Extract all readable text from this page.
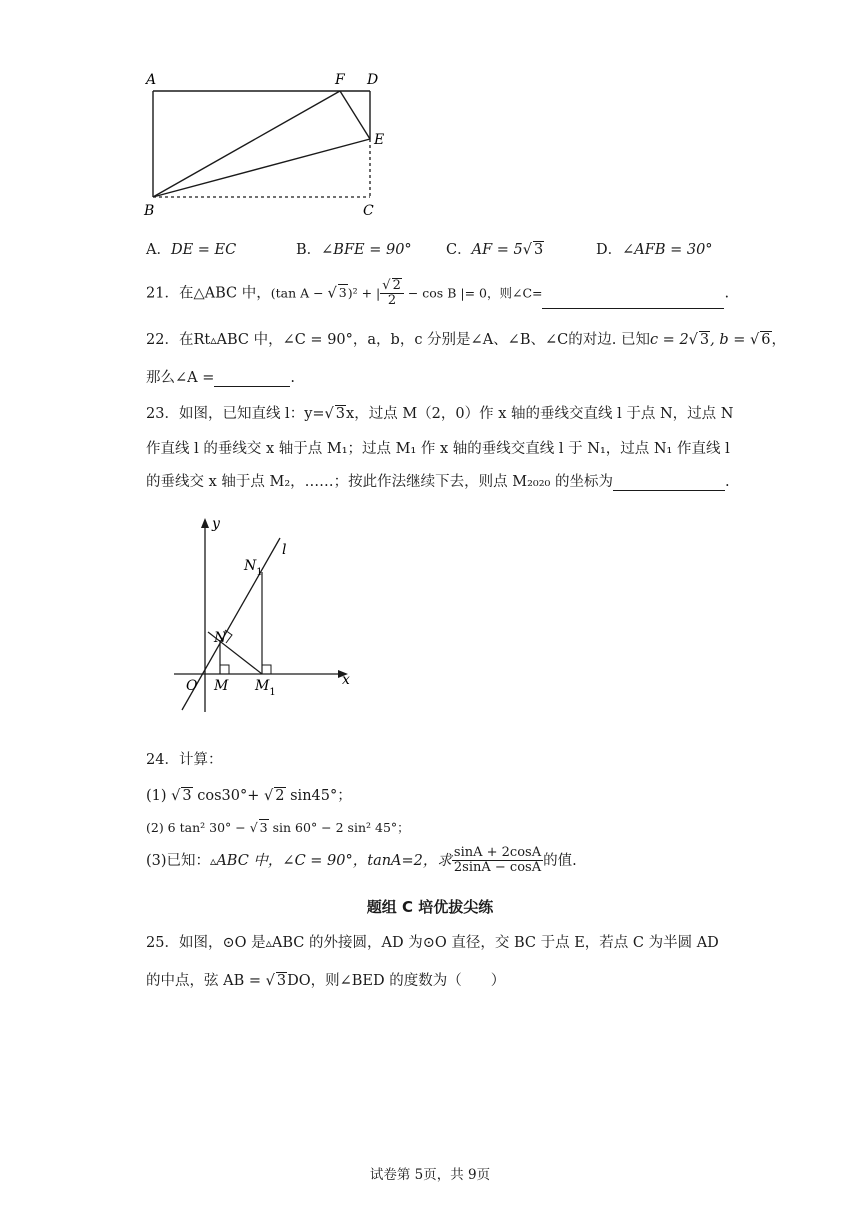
A	F D
E
B	C
A．DE = EC	B．∠BFE = 90° C．AF = 5√ 3	D．∠AFB = 30°
21．在△ABC 中，(tan A − √ 3)² + | $\frac{√ 2}{2} - \cos B$ |= 0，则∠C=	.
22．在Rt▵ABC 中，∠C = 90°，a，b，c 分别是∠A、∠B、∠C的对边. 已知c = 2√ 3, b = √ 6，
那么∠A =	.
23．如图，已知直线 l：y=√ 3x，过点 M（2，0）作 x 轴的垂线交直线 l 于点 N，过点 N
作直线 l 的垂线交 x 轴于点 M₁；过点 M₁ 作 x 轴的垂线交直线 l 于 N₁，过点 N₁ 作直线 l
的垂线交 x 轴于点 M₂，……；按此作法继续下去，则点 M₂₀₂₀ 的坐标为	.
y
x
O M $M_1$
N
$N_1$
l
24．计算：
(1) √ 3 cos30°+ √ 2 sin45°；
(2) 6 tan² 30° − √ 3 sin 60° − 2 sin² 45°；
(3)已知：▵ABC 中，∠C = 90°，tanA=2，求 $\frac{\sin A + 2\cos A}{2\sin A - \cos A}$ 的值.
题组 C 培优拔尖练
25．如图，⊙O 是▵ABC 的外接圆，AD 为⊙O 直径，交 BC 于点 E，若点 C 为半圆 AD
的中点，弦 AB = √ 3DO，则∠BED 的度数为（　　）
试卷第 5页，共 9页
